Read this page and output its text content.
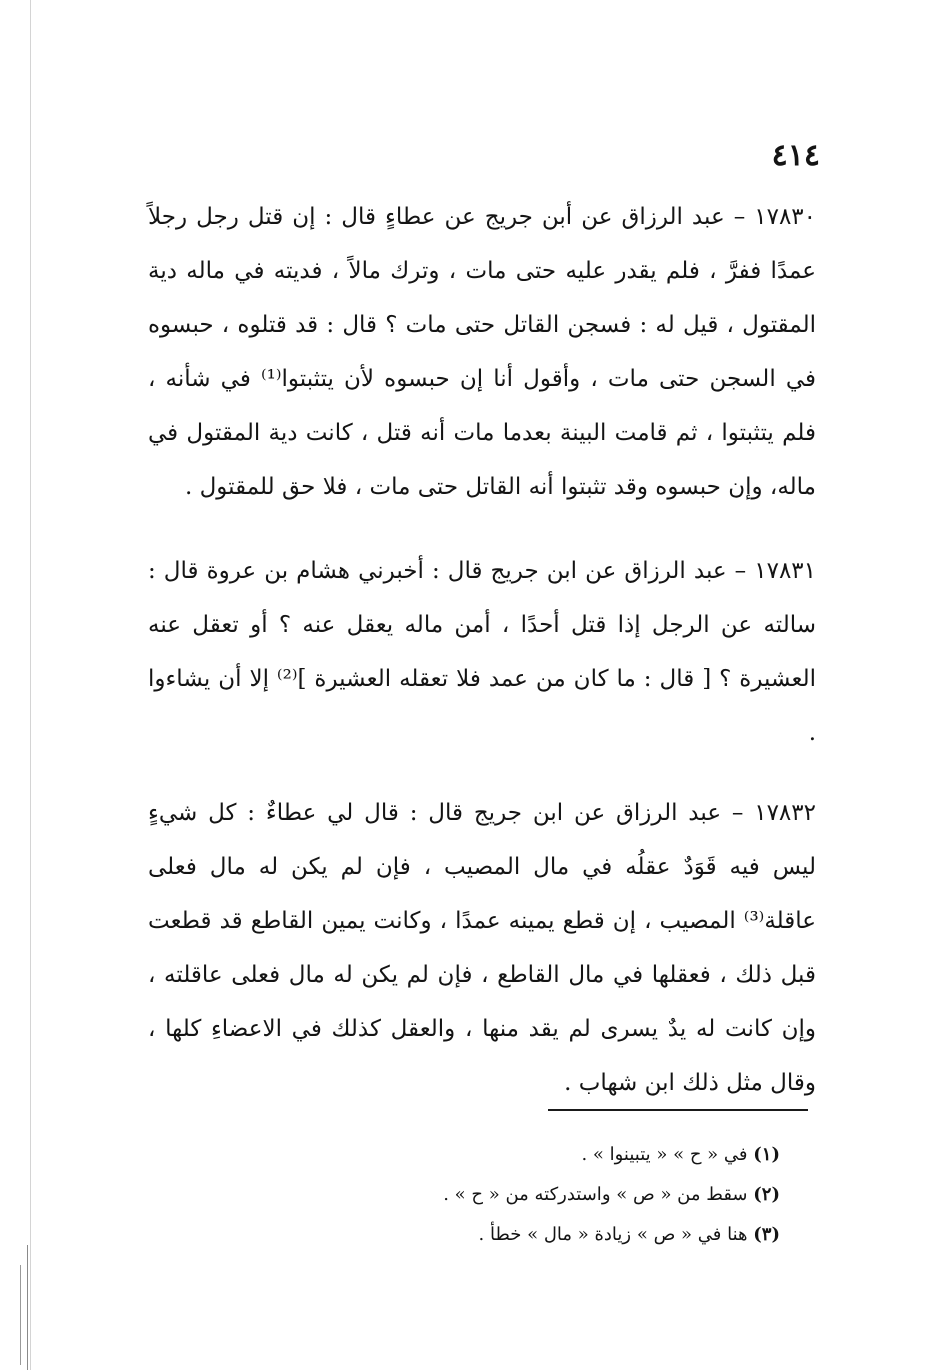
٤١٤

١٧٨٣٠ – عبد الرزاق عن أبن جريج عن عطاءٍ قال : إن قتل رجل رجلاً عمدًا ففرَّ ، فلم يقدر عليه حتى مات ، وترك مالاً ، فديته في ماله دية المقتول ، قيل له : فسجن القاتل حتى مات ؟ قال : قد قتلوه ، حبسوه في السجن حتى مات ، وأقول أنا إن حبسوه لأن يتثبتوا⁽¹⁾ في شأنه ، فلم يتثبتوا ، ثم قامت البينة بعدما مات أنه قتل ، كانت دية المقتول في ماله، وإن حبسوه وقد تثبتوا أنه القاتل حتى مات ، فلا حق للمقتول .

١٧٨٣١ – عبد الرزاق عن ابن جريج قال : أخبرني هشام بن عروة قال : سالته عن الرجل إذا قتل أحدًا ، أمن ماله يعقل عنه ؟ أو تعقل عنه العشيرة ؟ [ قال : ما كان من عمد فلا تعقله العشيرة ]⁽²⁾ إلا أن يشاءوا .

١٧٨٣٢ – عبد الرزاق عن ابن جريج قال : قال لي عطاءٌ : كل شيءٍ ليس فيه قَوَدٌ عقلُه في مال المصيب ، فإن لم يكن له مال فعلى عاقلة⁽³⁾ المصيب ، إن قطع يمينه عمدًا ، وكانت يمين القاطع قد قطعت قبل ذلك ، فعقلها في مال القاطع ، فإن لم يكن له مال فعلى عاقلته ، وإن كانت له يدٌ يسرى لم يقد منها ، والعقل كذلك في الاعضاءِ كلها ، وقال مثل ذلك ابن شهاب .

(١) في « ح » « يتبينوا » .
(٢) سقط من « ص » واستدركته من « ح » .
(٣) هنا في « ص » زيادة « مال » خطأ .
